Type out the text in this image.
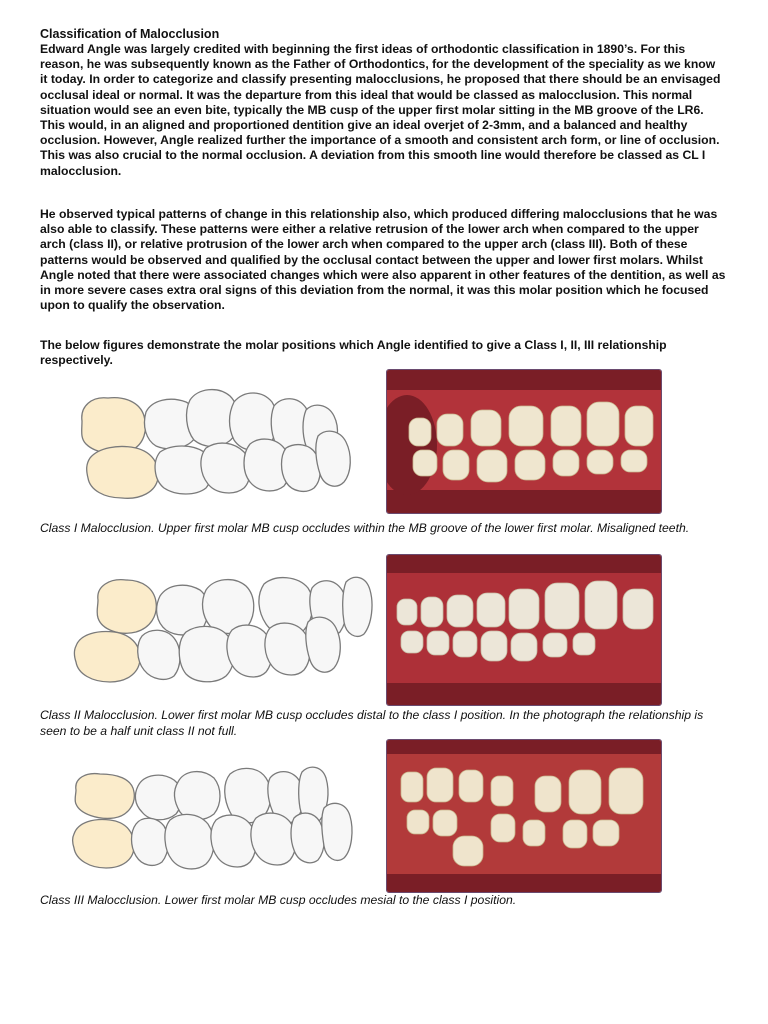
Classification of Malocclusion

Edward Angle was largely credited with beginning the first ideas of orthodontic classification in 1890’s. For this reason, he was subsequently known as the Father of Orthodontics, for the development of the speciality as we know it today. In order to categorize and classify presenting malocclusions, he proposed that there should be an envisaged occlusal ideal or normal. It was the departure from this ideal that would be classed as malocclusion. This normal situation would see an even bite, typically the MB cusp of the upper first molar sitting in the MB groove of the LR6. This would, in an aligned and proportioned dentition give an ideal overjet of 2-3mm, and a balanced and healthy occlusion. However, Angle realized further the importance of a smooth and consistent arch form, or line of occlusion. This was also crucial to the normal occlusion. A deviation from this smooth line would therefore be classed as CL I malocclusion.

He observed typical patterns of change in this relationship also, which produced differing malocclusions that he was also able to classify. These patterns were either a relative retrusion of the lower arch when compared to the upper arch (class II), or relative protrusion of the lower arch when compared to the upper arch (class III). Both of these patterns would be observed and qualified by the occlusal contact between the upper and lower first molars. Whilst Angle noted that there were associated changes which were also apparent in other features of the dentition, as well as in more severe cases extra oral signs of this deviation from the normal, it was this molar position which he focused upon to qualify the observation.

The below figures demonstrate the molar positions which Angle identified to give a Class I, II, III relationship respectively.

Class I Malocclusion. Upper first molar MB cusp occludes within the MB groove of the lower first molar. Misaligned teeth.

Class II Malocclusion. Lower first molar MB cusp occludes distal to the class I position. In the photograph the relationship is seen to be a half unit class II not full.

Class III Malocclusion. Lower first molar MB cusp occludes mesial to the class I position.
